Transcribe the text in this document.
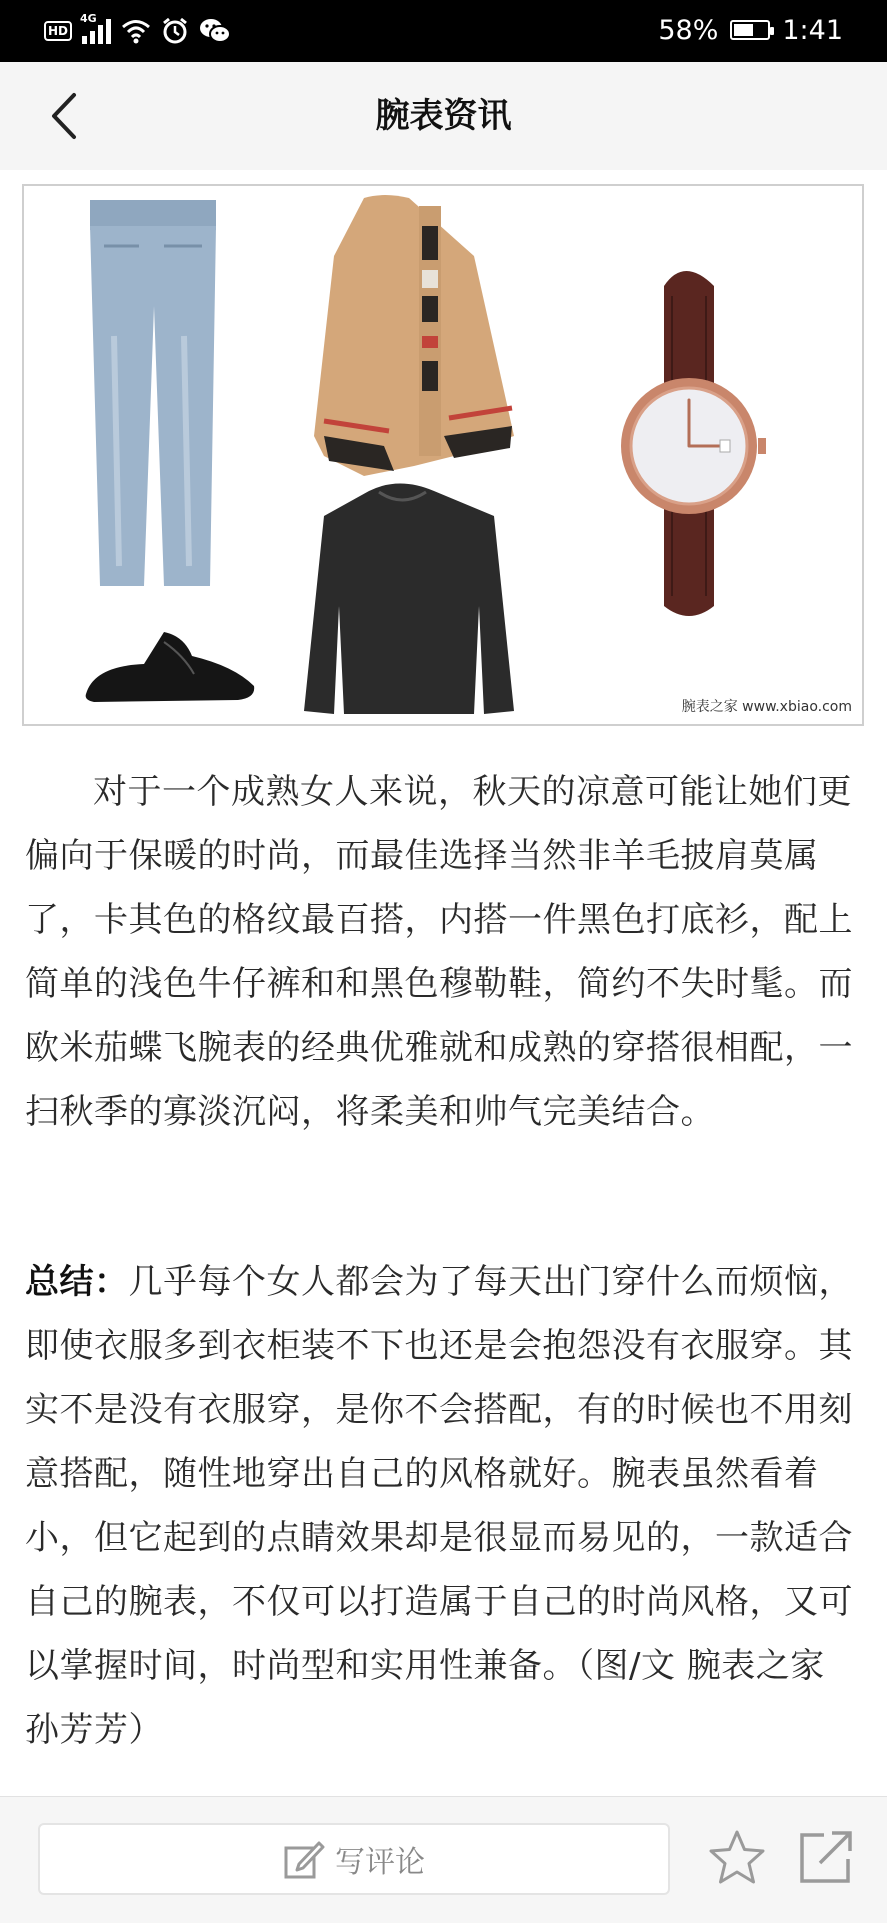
HD
4G	58% 1:41
腕表资讯
腕表之家 www.xbiao.com

对于一个成熟女人来说，秋天的凉意可能让她们更偏向于保暖的时尚，而最佳选择当然非羊毛披肩莫属了，卡其色的格纹最百搭，内搭一件黑色打底衫，配上简单的浅色牛仔裤和和黑色穆勒鞋，简约不失时髦。而欧米茄蝶飞腕表的经典优雅就和成熟的穿搭很相配，一扫秋季的寡淡沉闷，将柔美和帅气完美结合。

总结：几乎每个女人都会为了每天出门穿什么而烦恼，即使衣服多到衣柜装不下也还是会抱怨没有衣服穿。其实不是没有衣服穿，是你不会搭配，有的时候也不用刻意搭配，随性地穿出自己的风格就好。腕表虽然看着小，但它起到的点睛效果却是很显而易见的，一款适合自己的腕表，不仅可以打造属于自己的时尚风格，又可以掌握时间，时尚型和实用性兼备。（图/文 腕表之家 孙芳芳）

写评论
